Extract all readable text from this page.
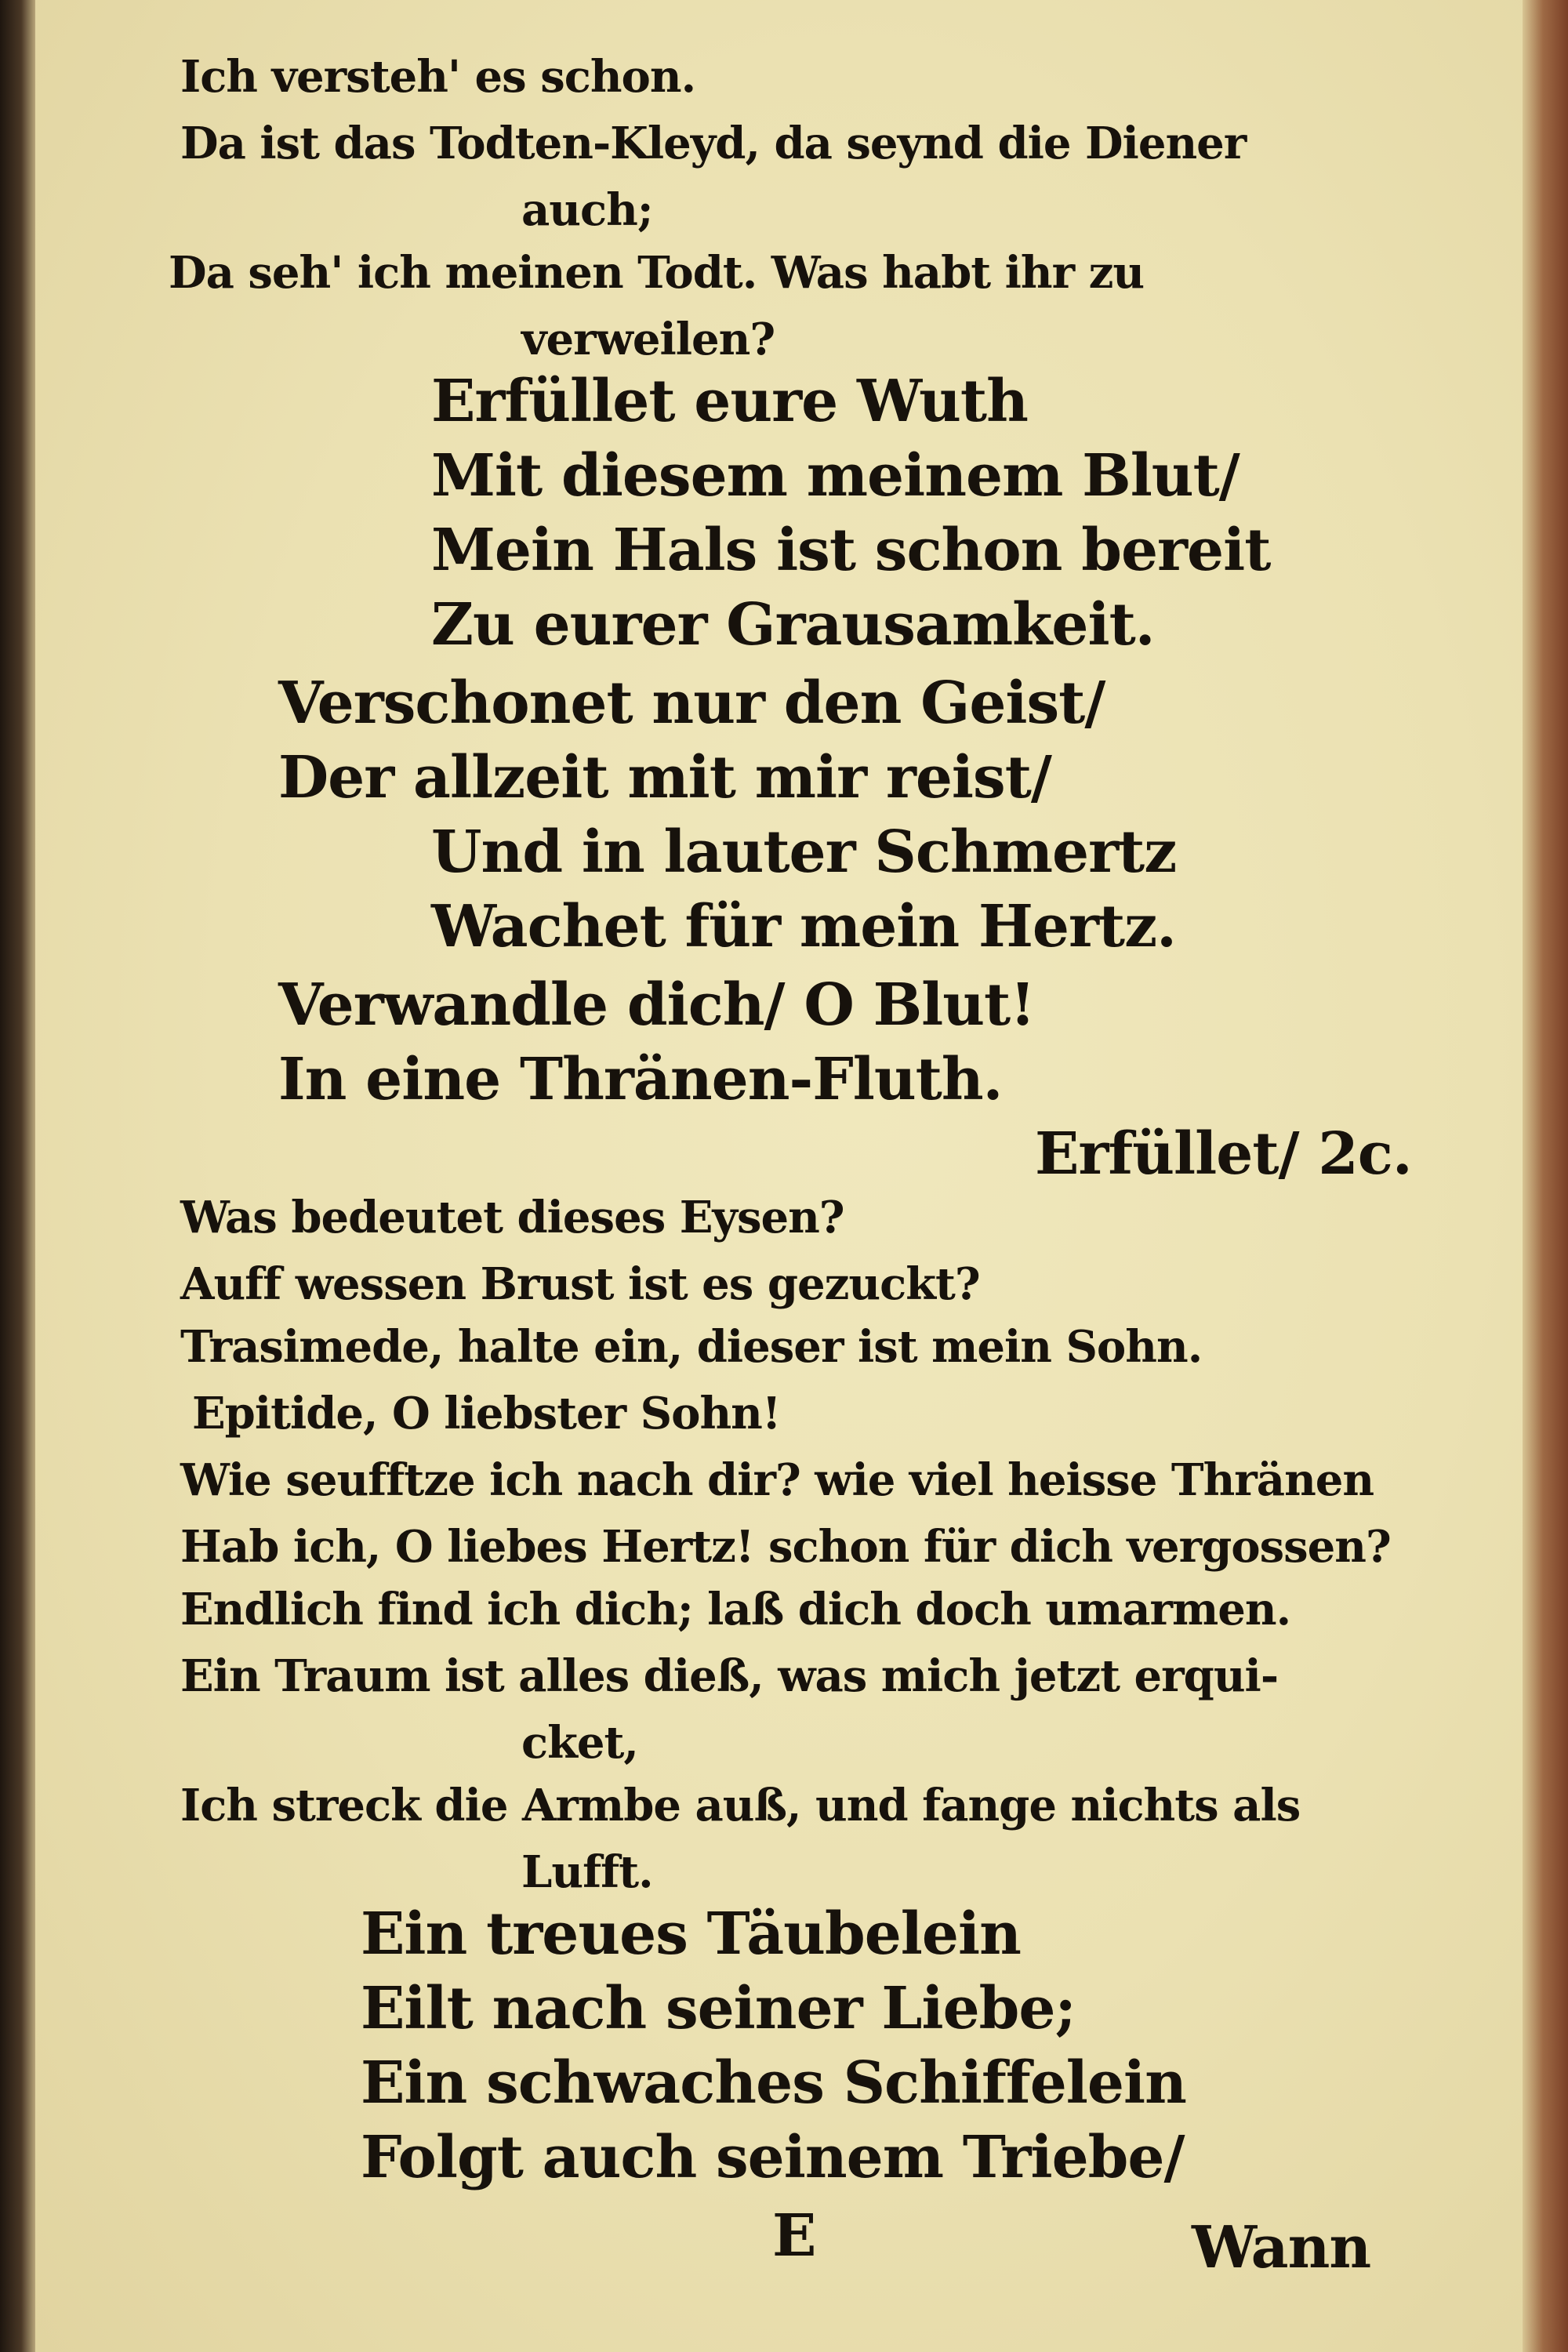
Ich versteh' es schon.
Da ist das Todten-Kleyd, da seynd die Diener
auch;
Da seh' ich meinen Todt. Was habt ihr zu
verweilen?
Erfüllet eure Wuth
Mit diesem meinem Blut/
Mein Hals ist schon bereit
Zu eurer Grausamkeit.
Verschonet nur den Geist/
Der allzeit mit mir reist/
Und in lauter Schmertz
Wachet für mein Hertz.
Verwandle dich/ O Blut!
In eine Thränen-Fluth.
Erfüllet/ 2c.
Was bedeutet dieses Eysen?
Auff wessen Brust ist es gezuckt?
Trasimede, halte ein, dieser ist mein Sohn.
Epitide, O liebster Sohn!
Wie seufftze ich nach dir? wie viel heisse Thränen
Hab ich, O liebes Hertz! schon für dich vergossen?
Endlich find ich dich; laß dich doch umarmen.
Ein Traum ist alles dieß, was mich jetzt erqui-
cket,
Ich streck die Armbe auß, und fange nichts als
Lufft.
Ein treues Täubelein
Eilt nach seiner Liebe;
Ein schwaches Schiffelein
Folgt auch seinem Triebe/
E	Wann
